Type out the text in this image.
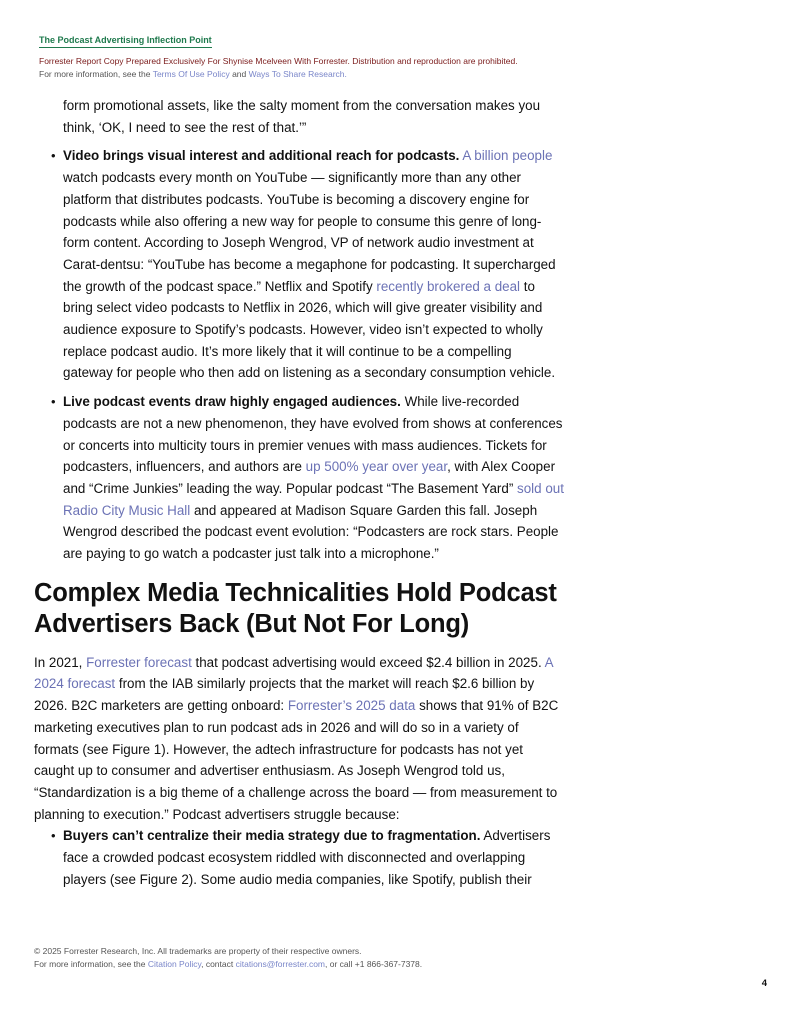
The Podcast Advertising Inflection Point
Forrester Report Copy Prepared Exclusively For Shynise Mcelveen With Forrester. Distribution and reproduction are prohibited.
For more information, see the Terms Of Use Policy and Ways To Share Research.

form promotional assets, like the salty moment from the conversation makes you think, ‘OK, I need to see the rest of that.’”

• Video brings visual interest and additional reach for podcasts. A billion people watch podcasts every month on YouTube — significantly more than any other platform that distributes podcasts. YouTube is becoming a discovery engine for podcasts while also offering a new way for people to consume this genre of long-form content. According to Joseph Wengrod, VP of network audio investment at Carat-dentsu: “YouTube has become a megaphone for podcasting. It supercharged the growth of the podcast space.” Netflix and Spotify recently brokered a deal to bring select video podcasts to Netflix in 2026, which will give greater visibility and audience exposure to Spotify’s podcasts. However, video isn’t expected to wholly replace podcast audio. It’s more likely that it will continue to be a compelling gateway for people who then add on listening as a secondary consumption vehicle.
• Live podcast events draw highly engaged audiences. While live-recorded podcasts are not a new phenomenon, they have evolved from shows at conferences or concerts into multicity tours in premier venues with mass audiences. Tickets for podcasters, influencers, and authors are up 500% year over year, with Alex Cooper and “Crime Junkies” leading the way. Popular podcast “The Basement Yard” sold out Radio City Music Hall and appeared at Madison Square Garden this fall. Joseph Wengrod described the podcast event evolution: “Podcasters are rock stars. People are paying to go watch a podcaster just talk into a microphone.”
Complex Media Technicalities Hold Podcast Advertisers Back (But Not For Long)

In 2021, Forrester forecast that podcast advertising would exceed $2.4 billion in 2025. A 2024 forecast from the IAB similarly projects that the market will reach $2.6 billion by 2026. B2C marketers are getting onboard: Forrester’s 2025 data shows that 91% of B2C marketing executives plan to run podcast ads in 2026 and will do so in a variety of formats (see Figure 1). However, the adtech infrastructure for podcasts has not yet caught up to consumer and advertiser enthusiasm. As Joseph Wengrod told us, “Standardization is a big theme of a challenge across the board — from measurement to planning to execution.” Podcast advertisers struggle because:

• Buyers can’t centralize their media strategy due to fragmentation. Advertisers face a crowded podcast ecosystem riddled with disconnected and overlapping players (see Figure 2). Some audio media companies, like Spotify, publish their
© 2025 Forrester Research, Inc. All trademarks are property of their respective owners.
For more information, see the Citation Policy, contact citations@forrester.com, or call +1 866-367-7378.
4
